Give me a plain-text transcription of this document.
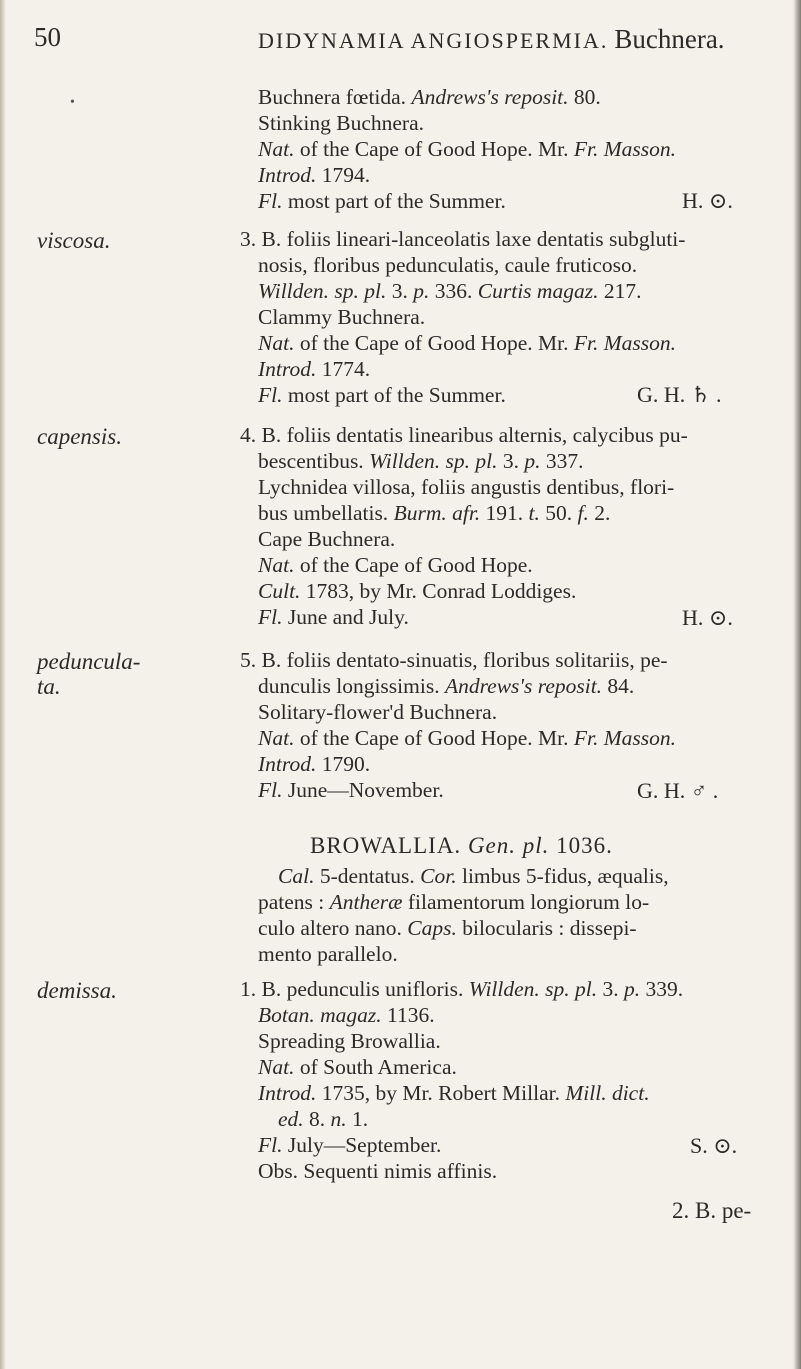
50	DIDYNAMIA ANGIOSPERMIA. Buchnera.
•	Buchnera fœtida. Andrews's reposit. 80.
Stinking Buchnera.
Nat. of the Cape of Good Hope. Mr. Fr. Masson.
Introd. 1794.
Fl. most part of the Summer.	H. ⊙.
viscosa.	3. B. foliis lineari-lanceolatis laxe dentatis subgluti-
nosis, floribus pedunculatis, caule fruticoso.
Willden. sp. pl. 3. p. 336. Curtis magaz. 217.
Clammy Buchnera.
Nat. of the Cape of Good Hope. Mr. Fr. Masson.
Introd. 1774.
Fl. most part of the Summer.	G. H. ♄ .
capensis.	4. B. foliis dentatis linearibus alternis, calycibus pu-
bescentibus. Willden. sp. pl. 3. p. 337.
Lychnidea villosa, foliis angustis dentibus, flori-
bus umbellatis. Burm. afr. 191. t. 50. f. 2.
Cape Buchnera.
Nat. of the Cape of Good Hope.
Cult. 1783, by Mr. Conrad Loddiges.
Fl. June and July.	H. ⊙.
peduncula-
ta.
5. B. foliis dentato-sinuatis, floribus solitariis, pe-
dunculis longissimis. Andrews's reposit. 84.
Solitary-flower'd Buchnera.
Nat. of the Cape of Good Hope. Mr. Fr. Masson.
Introd. 1790.
Fl. June—November.	G. H. ♂ .
BROWALLIA. Gen. pl. 1036.
Cal. 5-dentatus. Cor. limbus 5-fidus, æqualis,
patens : Antheræ filamentorum longiorum lo-
culo altero nano. Caps. bilocularis : dissepi-
mento parallelo.
demissa.	1. B. pedunculis unifloris. Willden. sp. pl. 3. p. 339.
Botan. magaz. 1136.
Spreading Browallia.
Nat. of South America.
Introd. 1735, by Mr. Robert Millar. Mill. dict.
ed. 8. n. 1.
Fl. July—September.	S. ⊙.
Obs. Sequenti nimis affinis.
2. B. pe-
